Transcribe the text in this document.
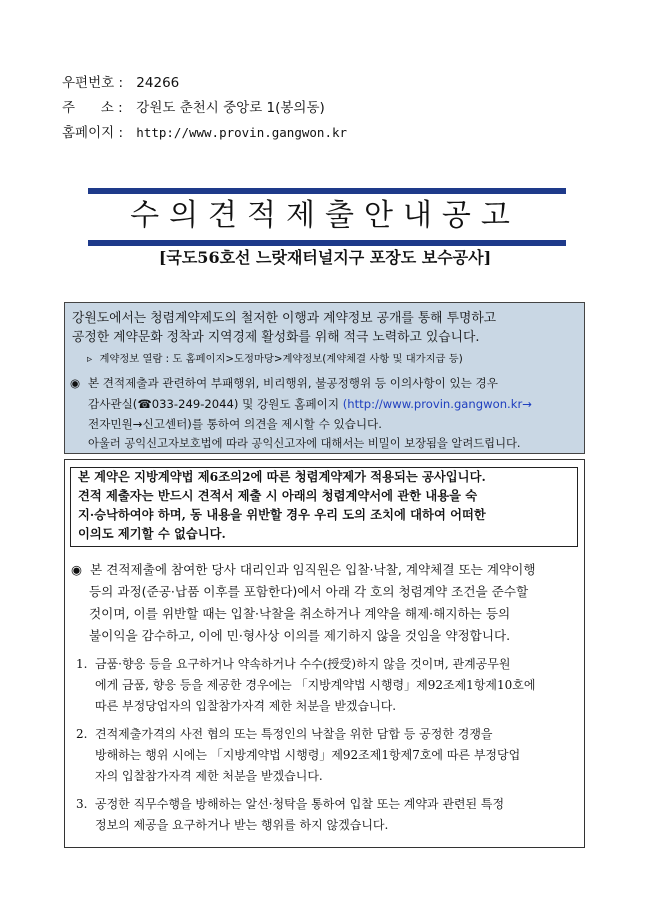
우편번호 : 24266
주      소 : 강원도 춘천시 중앙로 1(봉의동)
홈페이지 : http://www.provin.gangwon.kr
수의견적제출안내공고
[국도56호선 느랏재터널지구 포장도 보수공사]
강원도에서는 청렴계약제도의 철저한 이행과 계약정보 공개를 통해 투명하고
공정한 계약문화 정착과 지역경제 활성화를 위해 적극 노력하고 있습니다.
▹ 계약정보 열람 : 도 홈페이지>도정마당>계약정보(계약체결 사항 및 대가지급 등)
◉ 본 견적제출과 관련하여 부패행위, 비리행위, 불공정행위 등 이의사항이 있는 경우
감사관실(☎033-249-2044) 및 강원도 홈페이지 (http://www.provin.gangwon.kr→
전자민원→신고센터)를 통하여 의견을 제시할 수 있습니다.
아울러 공익신고자보호법에 따라 공익신고자에 대해서는 비밀이 보장됨을 알려드립니다.
본 계약은 지방계약법 제6조의2에 따른 청렴계약제가 적용되는 공사입니다.
견적 제출자는 반드시 견적서 제출 시 아래의 청렴계약서에 관한 내용을 숙
지·승낙하여야 하며, 동 내용을 위반할 경우 우리 도의 조치에 대하여 어떠한
이의도 제기할 수 없습니다.
◉ 본 견적제출에 참여한 당사 대리인과 임직원은 입찰·낙찰, 계약체결 또는 계약이행
등의 과정(준공·납품 이후를 포함한다)에서 아래 각 호의 청렴계약 조건을 준수할
것이며, 이를 위반할 때는 입찰·낙찰을 취소하거나 계약을 해제·해지하는 등의
불이익을 감수하고, 이에 민·형사상 이의를 제기하지 않을 것임을 약정합니다.
1. 금품·향응 등을 요구하거나 약속하거나 수수(授受)하지 않을 것이며, 관계공무원
에게 금품, 향응 등을 제공한 경우에는 「지방계약법 시행령」제92조제1항제10호에
따른 부정당업자의 입찰참가자격 제한 처분을 받겠습니다.
2. 견적제출가격의 사전 협의 또는 특정인의 낙찰을 위한 담합 등 공정한 경쟁을
방해하는 행위 시에는 「지방계약법 시행령」제92조제1항제7호에 따른 부정당업
자의 입찰참가자격 제한 처분을 받겠습니다.
3. 공정한 직무수행을 방해하는 알선·청탁을 통하여 입찰 또는 계약과 관련된 특정
정보의 제공을 요구하거나 받는 행위를 하지 않겠습니다.
